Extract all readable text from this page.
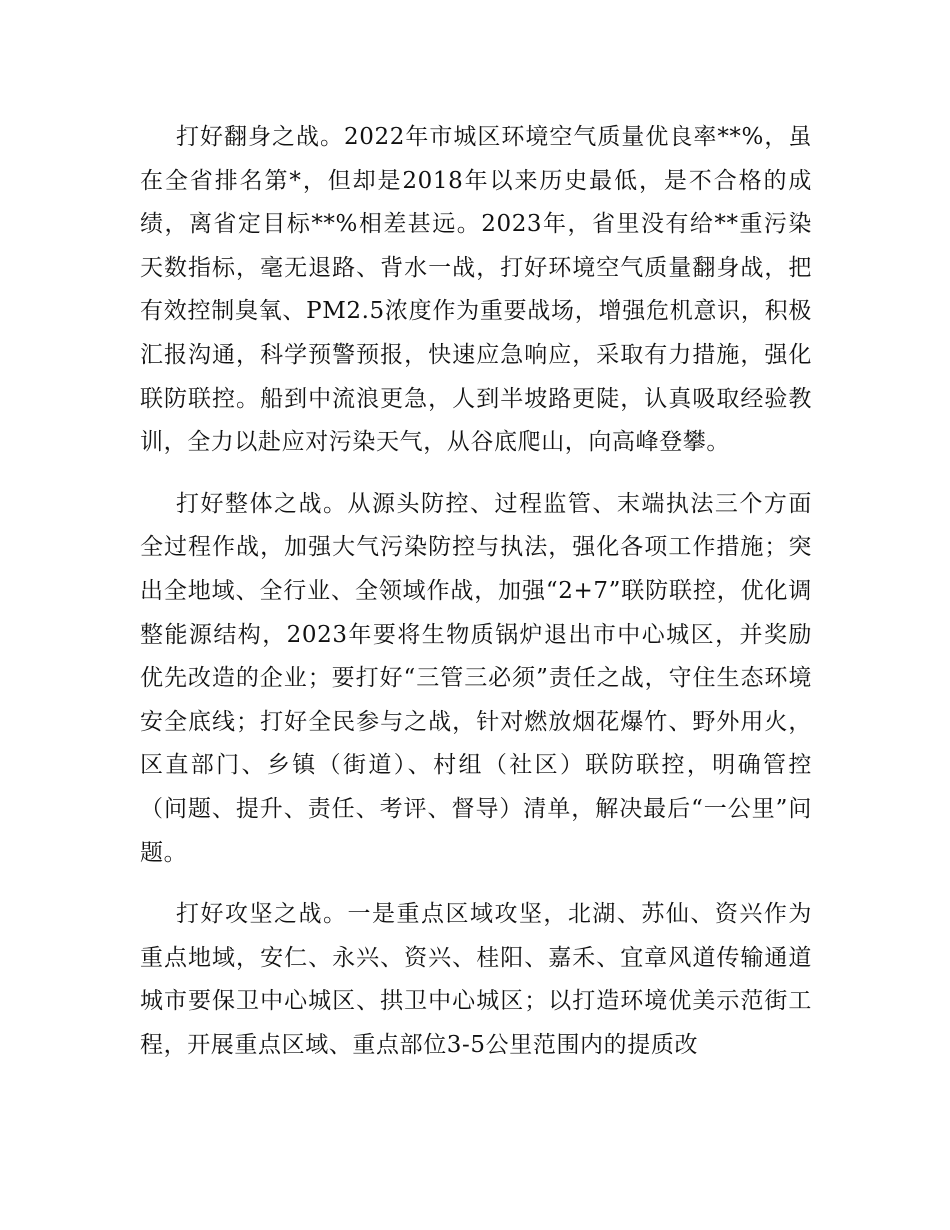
打好翻身之战。2022年市城区环境空气质量优良率**%，虽在全省排名第*，但却是2018年以来历史最低，是不合格的成绩，离省定目标**%相差甚远。2023年，省里没有给**重污染天数指标，毫无退路、背水一战，打好环境空气质量翻身战，把有效控制臭氧、PM2.5浓度作为重要战场，增强危机意识，积极汇报沟通，科学预警预报，快速应急响应，采取有力措施，强化联防联控。船到中流浪更急，人到半坡路更陡，认真吸取经验教训，全力以赴应对污染天气，从谷底爬山，向高峰登攀。

打好整体之战。从源头防控、过程监管、末端执法三个方面全过程作战，加强大气污染防控与执法，强化各项工作措施；突出全地域、全行业、全领域作战，加强“2+7”联防联控，优化调整能源结构，2023年要将生物质锅炉退出市中心城区，并奖励优先改造的企业；要打好“三管三必须”责任之战，守住生态环境安全底线；打好全民参与之战，针对燃放烟花爆竹、野外用火，区直部门、乡镇（街道）、村组（社区）联防联控，明确管控（问题、提升、责任、考评、督导）清单，解决最后“一公里”问题。

打好攻坚之战。一是重点区域攻坚，北湖、苏仙、资兴作为重点地域，安仁、永兴、资兴、桂阳、嘉禾、宜章风道传输通道城市要保卫中心城区、拱卫中心城区；以打造环境优美示范街工程，开展重点区域、重点部位3-5公里范围内的提质改
